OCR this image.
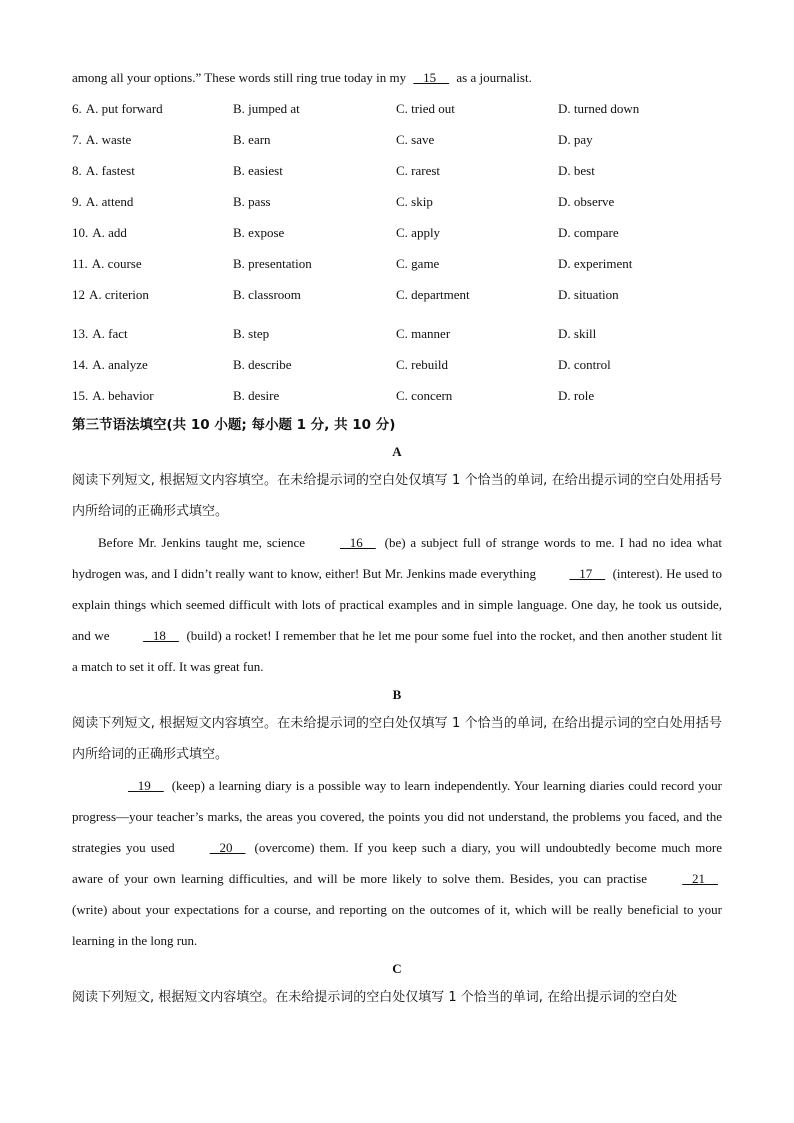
among all your options.” These words still ring true today in my    15     as a journalist.
6. A. put forward	B. jumped at	C. tried out	D. turned down
7. A. waste	B. earn	C. save	D. pay
8. A. fastest	B. easiest	C. rarest	D. best
9. A. attend	B. pass	C. skip	D. observe
10. A. add	B. expose	C. apply	D. compare
11. A. course	B. presentation	C. game	D. experiment
12 A. criterion	B. classroom	C. department	D. situation
13. A. fact	B. step	C. manner	D. skill
14. A. analyze	B. describe	C. rebuild	D. control
15. A. behavior	B. desire	C. concern	D. role
第三节语法填空(共 10 小题; 每小题 1 分, 共 10 分)
A
阅读下列短文, 根据短文内容填空。在未给提示词的空白处仅填写 1 个恰当的单词, 在给出提示词的空白处用括号内所给词的正确形式填空。
Before Mr. Jenkins taught me, science	16     (be) a subject full of strange words to me. I had no idea what hydrogen was, and I didn’t really want to know, either! But Mr. Jenkins made everything	17     (interest). He used to explain things which seemed difficult with lots of practical examples and in simple language. One day, he took us outside, and we	18     (build) a rocket! I remember that he let me pour some fuel into the rocket, and then another student lit a match to set it off. It was great fun.
B
阅读下列短文, 根据短文内容填空。在未给提示词的空白处仅填写 1 个恰当的单词, 在给出提示词的空白处用括号内所给词的正确形式填空。
19     (keep) a learning diary is a possible way to learn independently. Your learning diaries could record your progress—your teacher’s marks, the areas you covered, the points you did not understand, the problems you faced, and the strategies you used	20     (overcome) them. If you keep such a diary, you will undoubtedly become much more aware of your own learning difficulties, and will be more likely to solve them. Besides, you can practise	21     (write) about your expectations for a course, and reporting on the outcomes of it, which will be really beneficial to your learning in the long run.
C
阅读下列短文, 根据短文内容填空。在未给提示词的空白处仅填写 1 个恰当的单词, 在给出提示词的空白处
